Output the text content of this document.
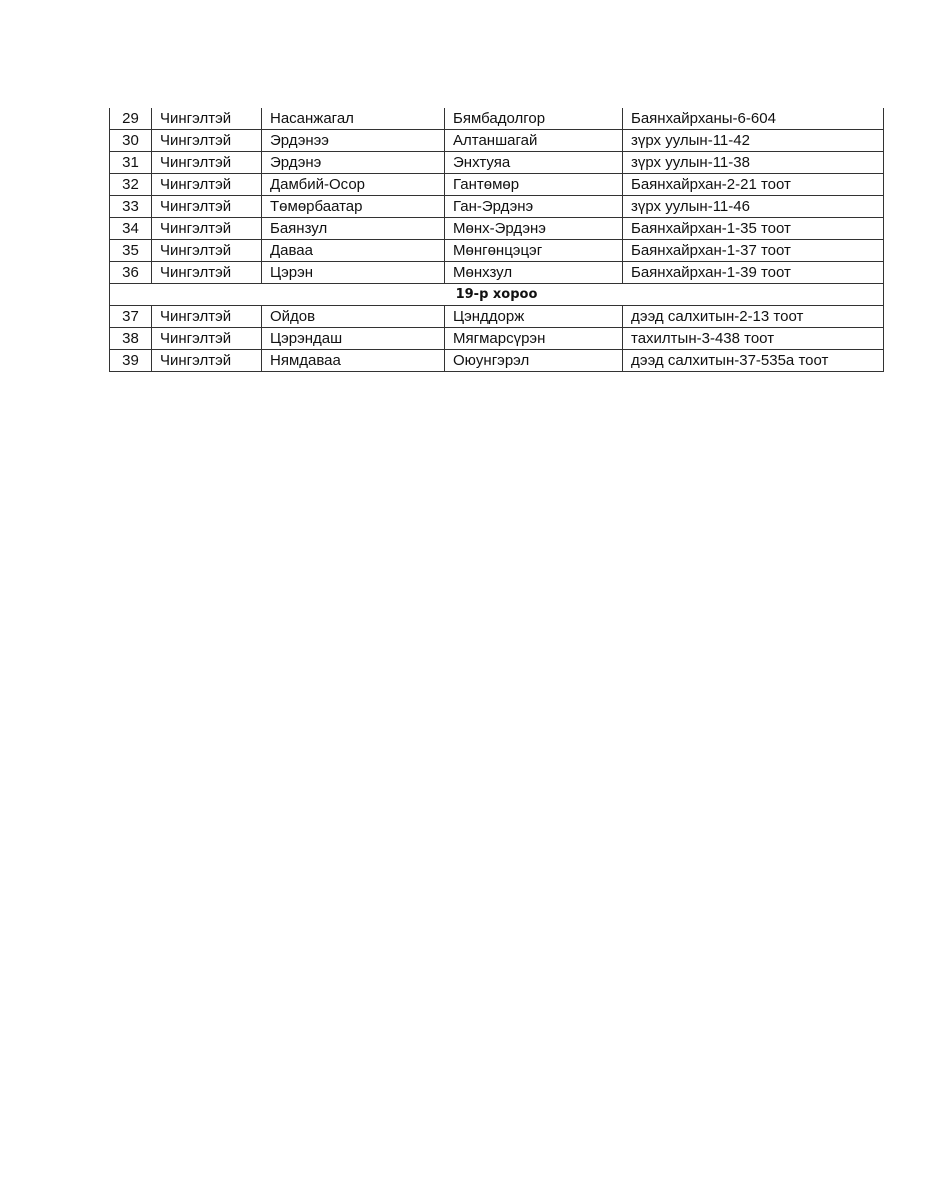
29	Чингэлтэй	Насанжагал	Бямбадолгор	Баянхайрханы-6-604
30	Чингэлтэй	Эрдэнээ	Алтаншагай	зүрх уулын-11-42
31	Чингэлтэй	Эрдэнэ	Энхтуяа	зүрх уулын-11-38
32	Чингэлтэй	Дамбий-Осор	Гантөмөр	Баянхайрхан-2-21 тоот
33	Чингэлтэй	Төмөрбаатар	Ган-Эрдэнэ	зүрх уулын-11-46
34	Чингэлтэй	Баянзул	Мөнх-Эрдэнэ	Баянхайрхан-1-35 тоот
35	Чингэлтэй	Даваа	Мөнгөнцэцэг	Баянхайрхан-1-37 тоот
36	Чингэлтэй	Цэрэн	Мөнхзул	Баянхайрхан-1-39 тоот
19-р хороо				
37	Чингэлтэй	Ойдов	Цэнддорж	дээд салхитын-2-13 тоот
38	Чингэлтэй	Цэрэндаш	Мягмарсүрэн	тахилтын-3-438 тоот
39	Чингэлтэй	Нямдаваа	Оюунгэрэл	дээд салхитын-37-535а тоот
